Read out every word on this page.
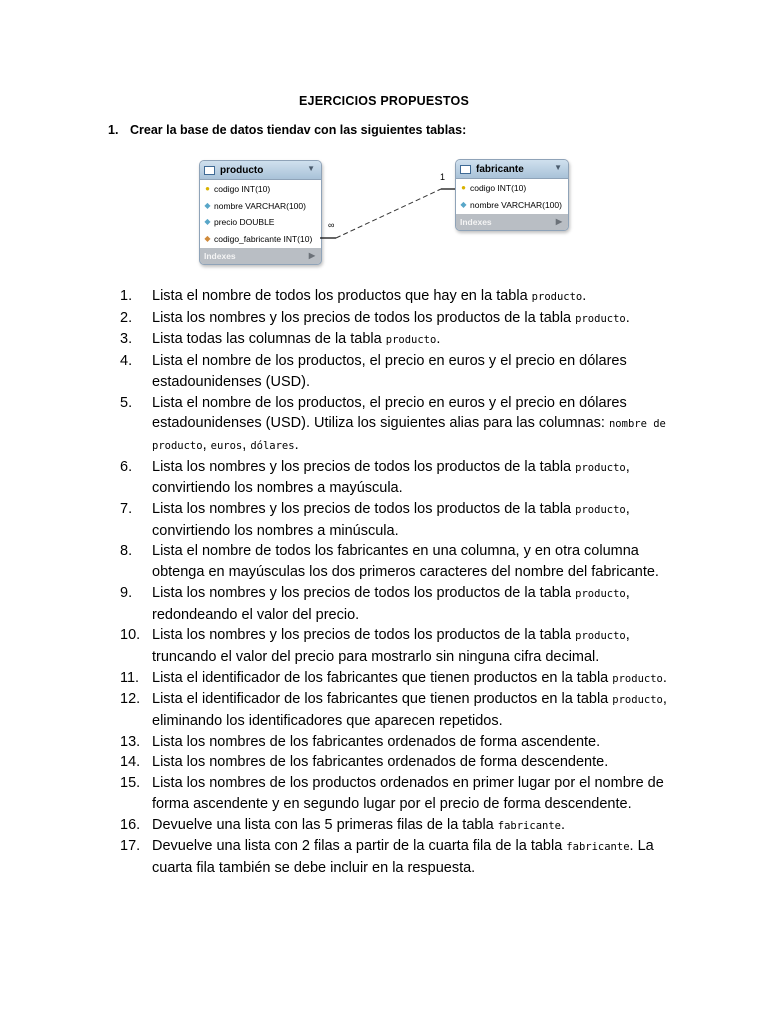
EJERCICIOS PROPUESTOS
1. Crear la base de datos tiendav con las siguientes tablas:
producto	▼
● codigo INT(10)
◆ nombre VARCHAR(100)
◆ precio DOUBLE
◆ codigo_fabricante INT(10)
Indexes	▶
fabricante	▼
● codigo INT(10)
◆ nombre VARCHAR(100)
Indexes	▶
1
∞
1.	Lista el nombre de todos los productos que hay en la tabla producto.
2.	Lista los nombres y los precios de todos los productos de la tabla producto.
3.	Lista todas las columnas de la tabla producto.
4.	Lista el nombre de los productos, el precio en euros y el precio en dólares estadounidenses (USD).
5.	Lista el nombre de los productos, el precio en euros y el precio en dólares estadounidenses (USD). Utiliza los siguientes alias para las columnas: nombre de producto, euros, dólares.
6.	Lista los nombres y los precios de todos los productos de la tabla producto, convirtiendo los nombres a mayúscula.
7.	Lista los nombres y los precios de todos los productos de la tabla producto, convirtiendo los nombres a minúscula.
8.	Lista el nombre de todos los fabricantes en una columna, y en otra columna obtenga en mayúsculas los dos primeros caracteres del nombre del fabricante.
9.	Lista los nombres y los precios de todos los productos de la tabla producto, redondeando el valor del precio.
10. Lista los nombres y los precios de todos los productos de la tabla producto, truncando el valor del precio para mostrarlo sin ninguna cifra decimal.
11. Lista el identificador de los fabricantes que tienen productos en la tabla producto.
12. Lista el identificador de los fabricantes que tienen productos en la tabla producto, eliminando los identificadores que aparecen repetidos.
13. Lista los nombres de los fabricantes ordenados de forma ascendente.
14. Lista los nombres de los fabricantes ordenados de forma descendente.
15. Lista los nombres de los productos ordenados en primer lugar por el nombre de forma ascendente y en segundo lugar por el precio de forma descendente.
16. Devuelve una lista con las 5 primeras filas de la tabla fabricante.
17. Devuelve una lista con 2 filas a partir de la cuarta fila de la tabla fabricante. La cuarta fila también se debe incluir en la respuesta.
